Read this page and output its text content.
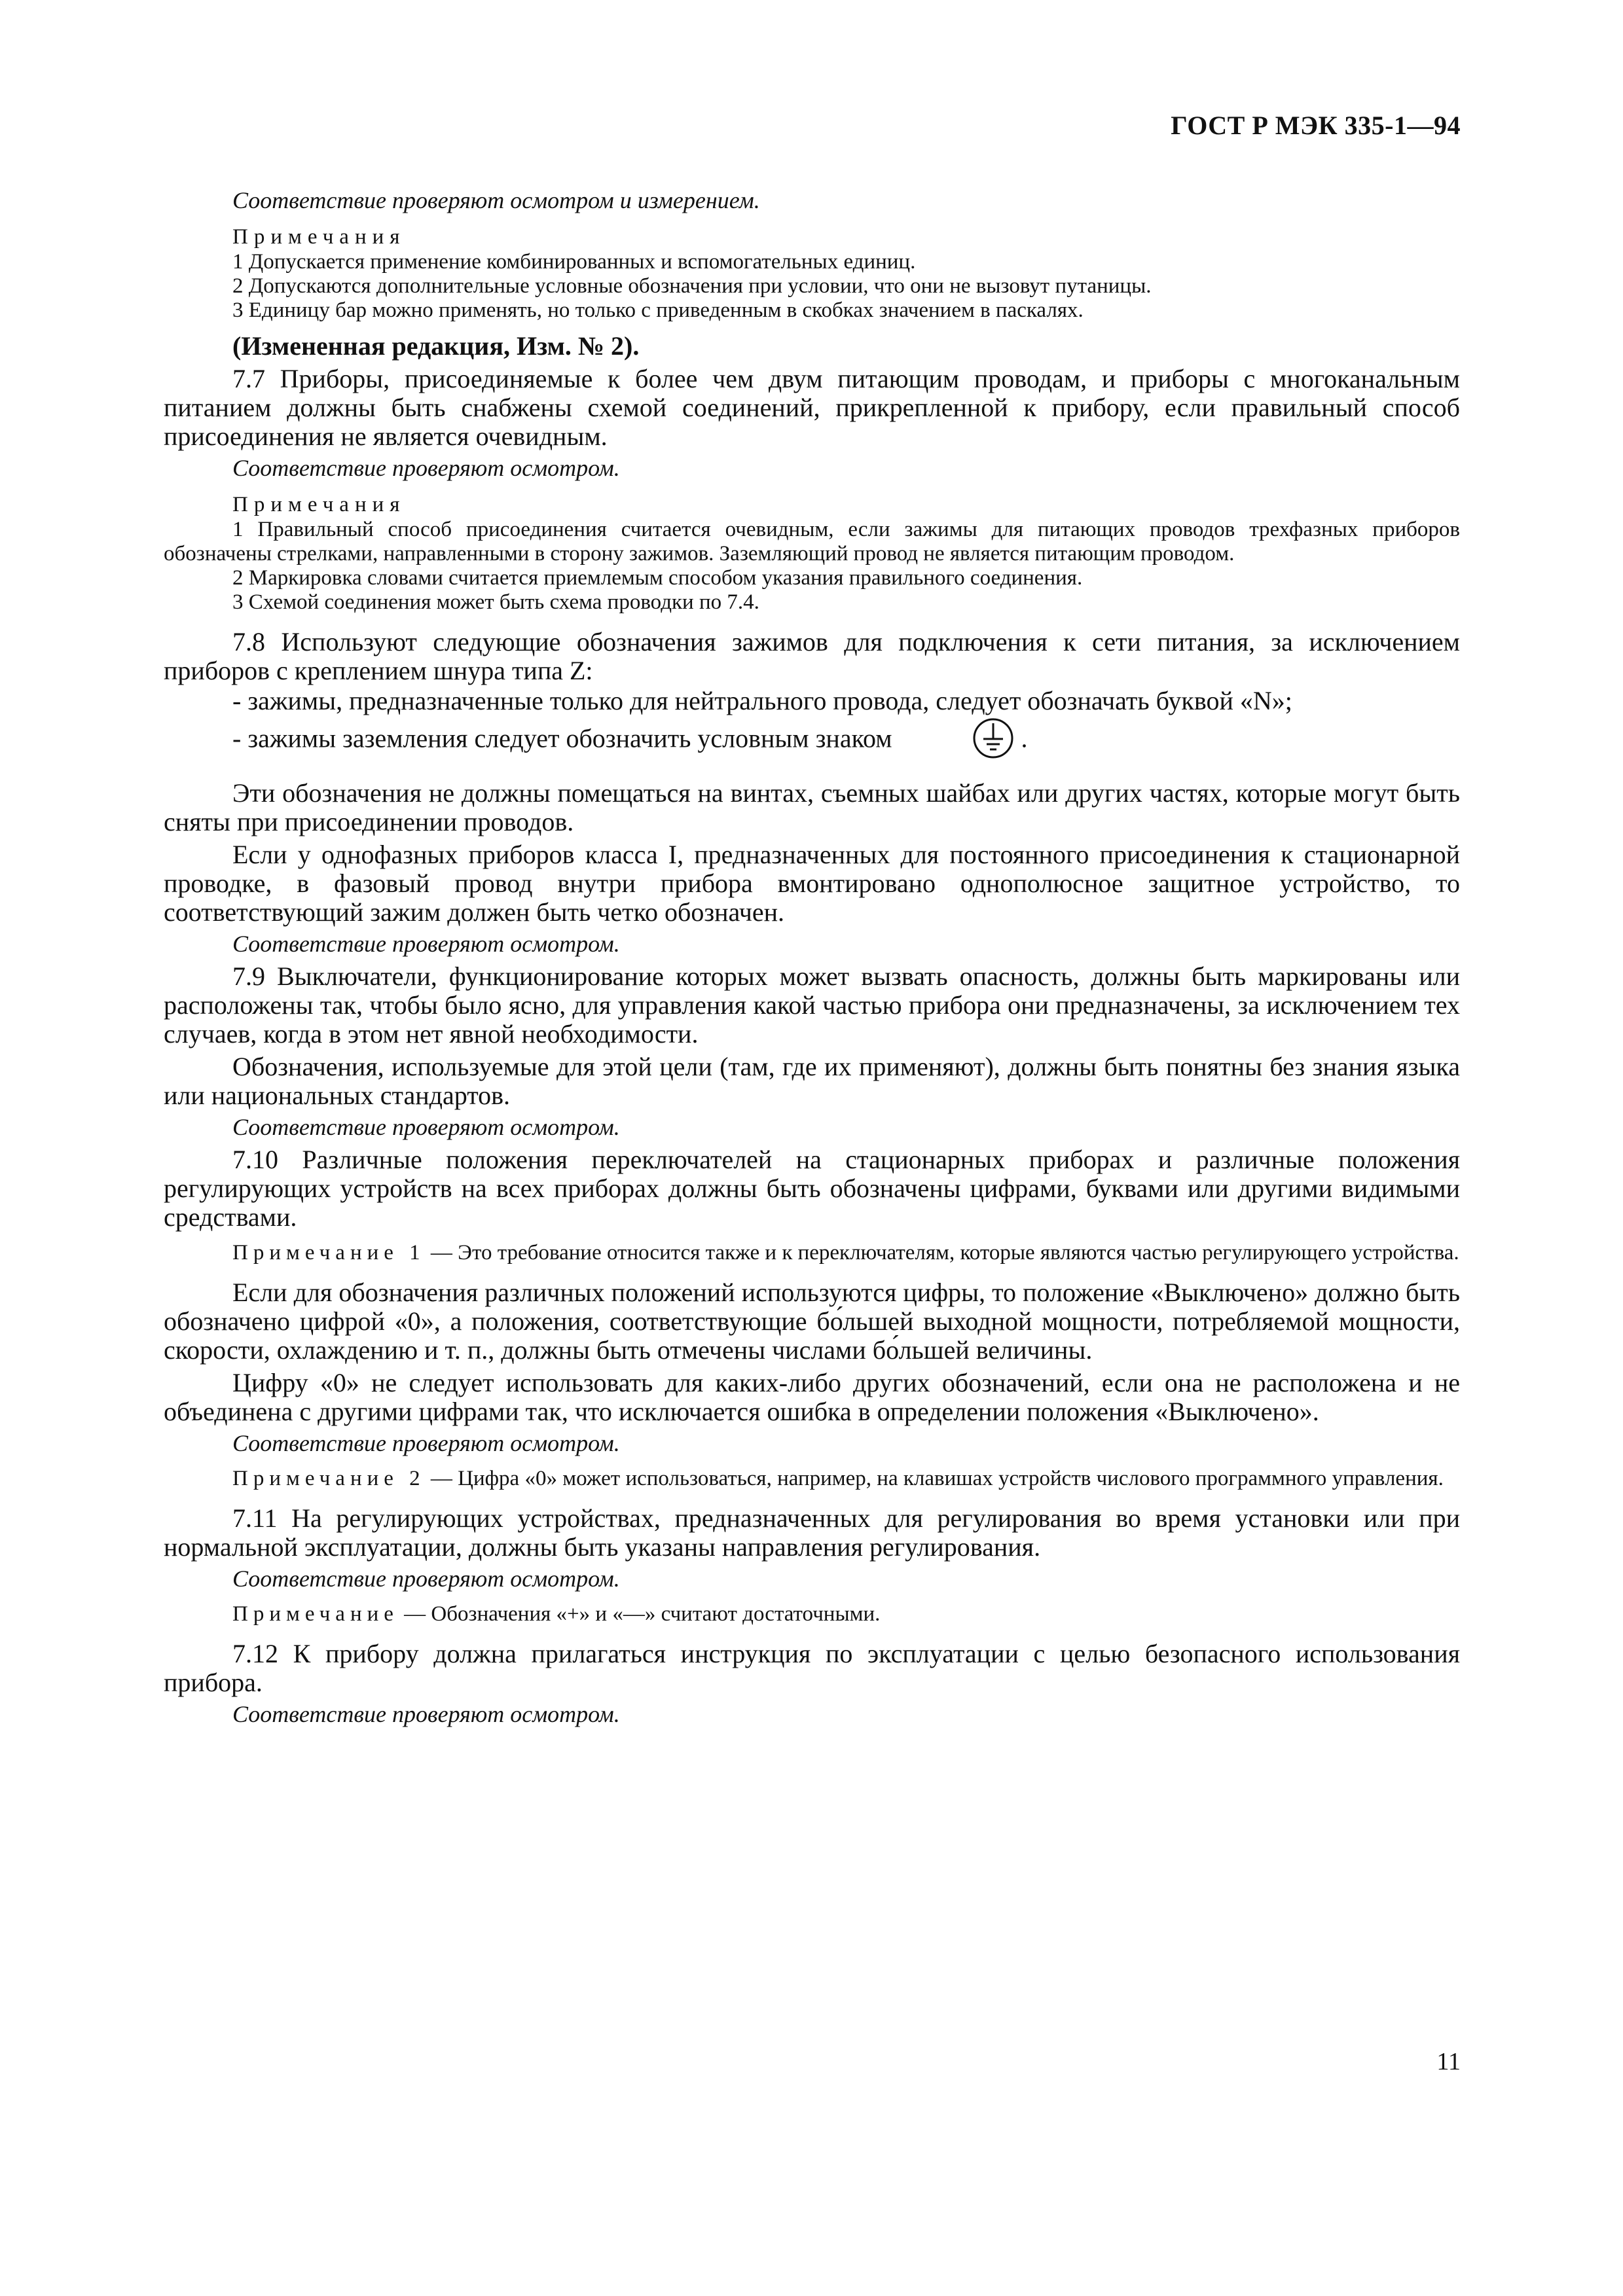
ГОСТ Р МЭК 335-1—94

Соответствие проверяют осмотром и измерением.

Примечания

1 Допускается применение комбинированных и вспомогательных единиц.

2 Допускаются дополнительные условные обозначения при условии, что они не вызовут путаницы.

3 Единицу бар можно применять, но только с приведенным в скобках значением в паскалях.

(Измененная редакция, Изм. № 2).

7.7 Приборы, присоединяемые к более чем двум питающим проводам, и приборы с многоканальным питанием должны быть снабжены схемой соединений, прикрепленной к прибору, если правильный способ присоединения не является очевидным.

Соответствие проверяют осмотром.

Примечания

1 Правильный способ присоединения считается очевидным, если зажимы для питающих проводов трехфазных приборов обозначены стрелками, направленными в сторону зажимов. Заземляющий провод не является питающим проводом.

2 Маркировка словами считается приемлемым способом указания правильного соединения.

3 Схемой соединения может быть схема проводки по 7.4.

7.8 Используют следующие обозначения зажимов для подключения к сети питания, за исключением приборов с креплением шнура типа Z:

- зажимы, предназначенные только для нейтрального провода, следует обозначать буквой «N»;

- зажимы заземления следует обозначить условным знаком	.

Эти обозначения не должны помещаться на винтах, съемных шайбах или других частях, которые могут быть сняты при присоединении проводов.

Если у однофазных приборов класса I, предназначенных для постоянного присоединения к стационарной проводке, в фазовый провод внутри прибора вмонтировано однополюсное защитное устройство, то соответствующий зажим должен быть четко обозначен.

Соответствие проверяют осмотром.

7.9 Выключатели, функционирование которых может вызвать опасность, должны быть маркированы или расположены так, чтобы было ясно, для управления какой частью прибора они предназначены, за исключением тех случаев, когда в этом нет явной необходимости.

Обозначения, используемые для этой цели (там, где их применяют), должны быть понятны без знания языка или национальных стандартов.

Соответствие проверяют осмотром.

7.10 Различные положения переключателей на стационарных приборах и различные положения регулирующих устройств на всех приборах должны быть обозначены цифрами, буквами или другими видимыми средствами.

Примечание 1 — Это требование относится также и к переключателям, которые являются частью регулирующего устройства.

Если для обозначения различных положений используются цифры, то положение «Выключено» должно быть обозначено цифрой «0», а положения, соответствующие бо́льшей выходной мощности, потребляемой мощности, скорости, охлаждению и т. п., должны быть отмечены числами бо́льшей величины.

Цифру «0» не следует использовать для каких-либо других обозначений, если она не расположена и не объединена с другими цифрами так, что исключается ошибка в определении положения «Выключено».

Соответствие проверяют осмотром.

Примечание 2 — Цифра «0» может использоваться, например, на клавишах устройств числового программного управления.

7.11 На регулирующих устройствах, предназначенных для регулирования во время установки или при нормальной эксплуатации, должны быть указаны направления регулирования.

Соответствие проверяют осмотром.

Примечание — Обозначения «+» и «—» считают достаточными.

7.12 К прибору должна прилагаться инструкция по эксплуатации с целью безопасного использования прибора.

Соответствие проверяют осмотром.

11
